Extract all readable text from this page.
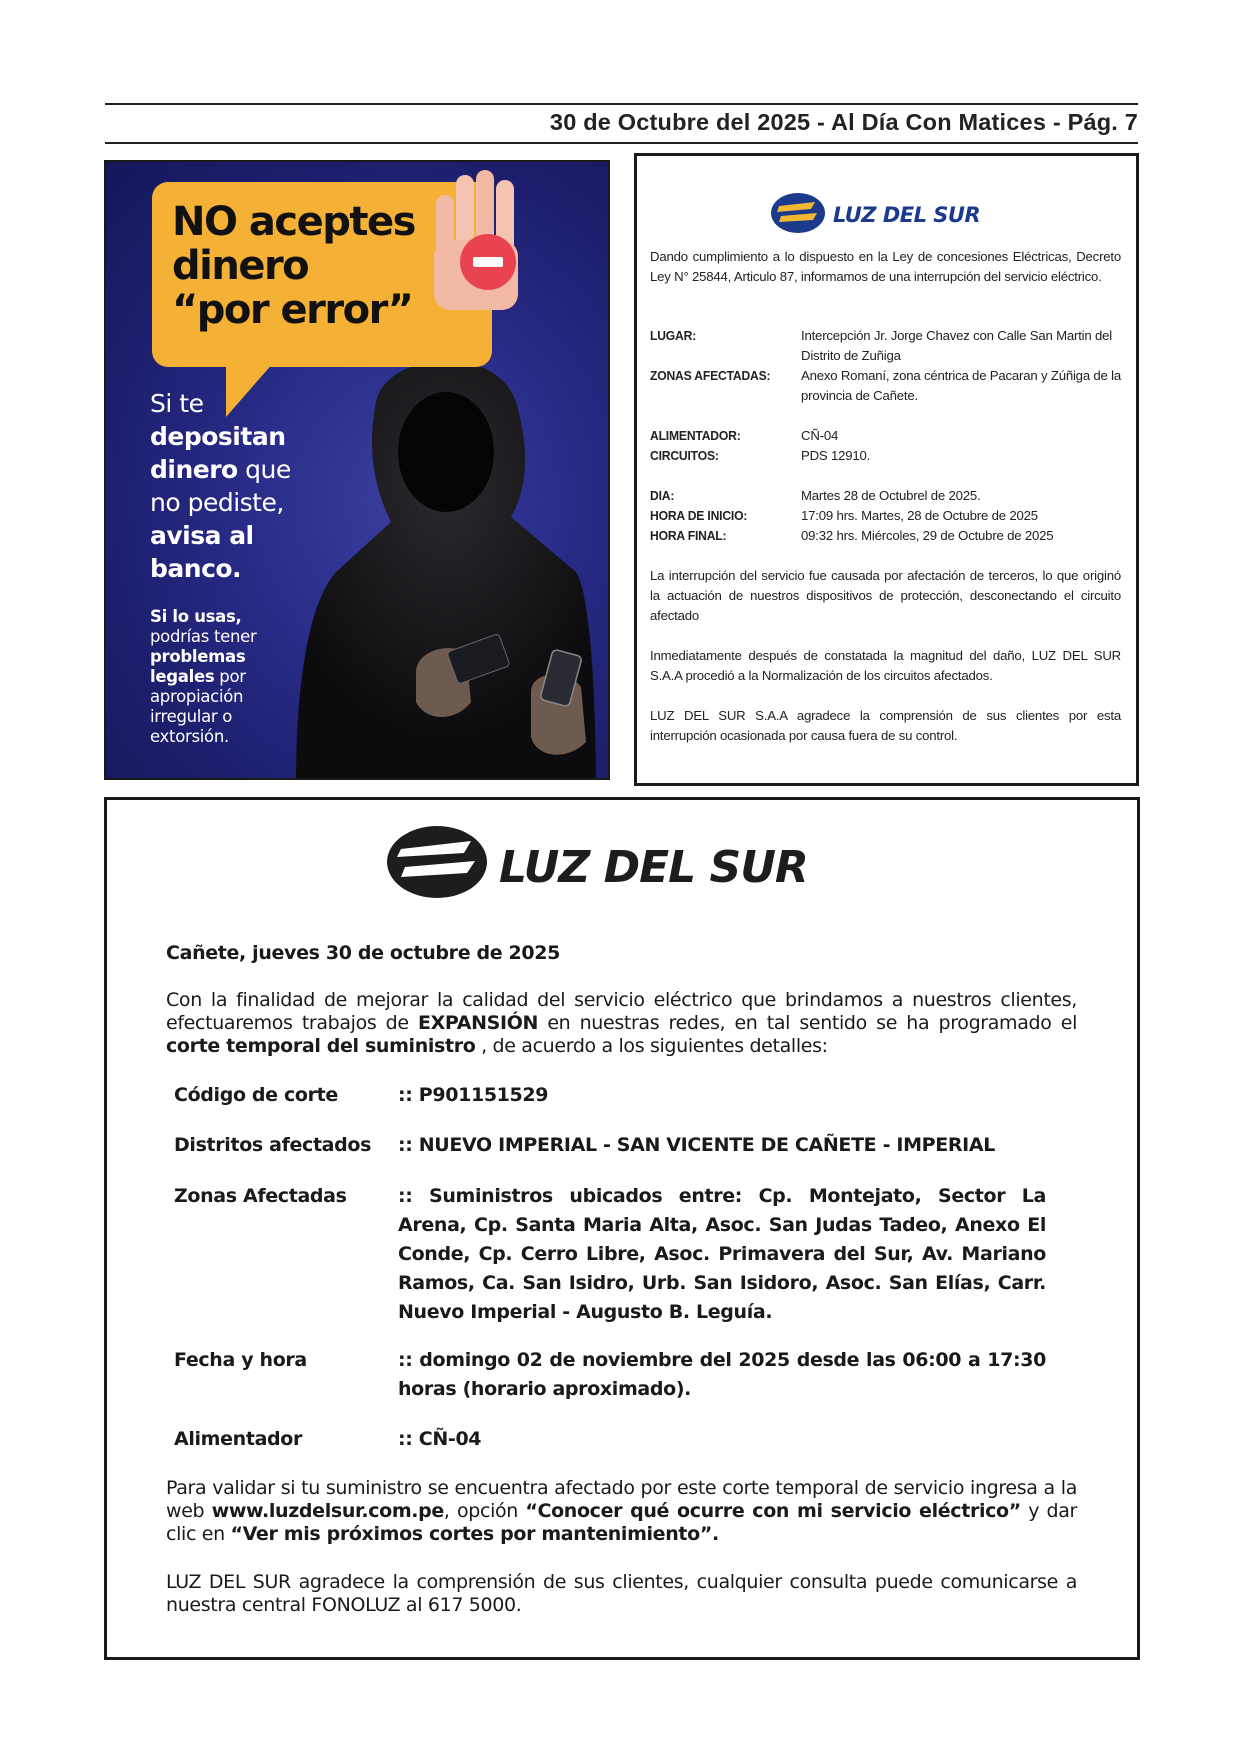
30 de Octubre del 2025 - Al Día Con Matices - Pág. 7
NO aceptes
dinero
“por error”
Si te
depositan
dinero que
no pediste,
avisa al
banco.
Si lo usas,
podrías tener
problemas
legales por
apropiación
irregular o
extorsión.
LUZ DEL SUR
Dando cumplimiento a lo dispuesto en la Ley de concesiones Eléctricas, Decreto Ley N° 25844, Articulo 87, informamos de una interrupción del servicio eléctrico.
LUGAR:	Intercepción Jr. Jorge Chavez con Calle San Martin del Distrito de Zuñiga
ZONAS AFECTADAS: Anexo Romaní, zona céntrica de Pacaran y Zúñiga de la provincia de Cañete.
ALIMENTADOR:	CÑ-04
CIRCUITOS:	PDS 12910.
DIA:	Martes 28 de Octubrel de 2025.
HORA DE INICIO:	17:09 hrs. Martes, 28 de Octubre de 2025
HORA FINAL:	09:32 hrs. Miércoles, 29 de Octubre de 2025
La interrupción del servicio fue causada por afectación de terceros, lo que originó la actuación de nuestros dispositivos de protección, desconectando el circuito afectado
Inmediatamente después de constatada la magnitud del daño, LUZ DEL SUR S.A.A procedió a la Normalización de los circuitos afectados.
LUZ DEL SUR S.A.A agradece la comprensión de sus clientes por esta interrupción ocasionada por causa fuera de su control.
LUZ DEL SUR
Cañete, jueves 30 de octubre de 2025
Con la finalidad de mejorar la calidad del servicio eléctrico que brindamos a nuestros clientes, efectuaremos trabajos de EXPANSIÓN en nuestras redes, en tal sentido se ha programado el corte temporal del suministro , de acuerdo a los siguientes detalles:
Código de corte	:: P901151529
Distritos afectados :: NUEVO IMPERIAL - SAN VICENTE DE CAÑETE - IMPERIAL
Zonas Afectadas	:: Suministros ubicados entre: Cp. Montejato, Sector La Arena, Cp. Santa Maria Alta, Asoc. San Judas Tadeo, Anexo El Conde, Cp. Cerro Libre, Asoc. Primavera del Sur, Av. Mariano Ramos, Ca. San Isidro, Urb. San Isidoro, Asoc. San Elías, Carr. Nuevo Imperial - Augusto B. Leguía.
Fecha y hora	:: domingo 02 de noviembre del 2025 desde las 06:00 a 17:30 horas (horario aproximado).
Alimentador	:: CÑ-04
Para validar si tu suministro se encuentra afectado por este corte temporal de servicio ingresa a la web www.luzdelsur.com.pe, opción “Conocer qué ocurre con mi servicio eléctrico” y dar clic en “Ver mis próximos cortes por mantenimiento”.
LUZ DEL SUR agradece la comprensión de sus clientes, cualquier consulta puede comunicarse a nuestra central FONOLUZ al 617 5000.
